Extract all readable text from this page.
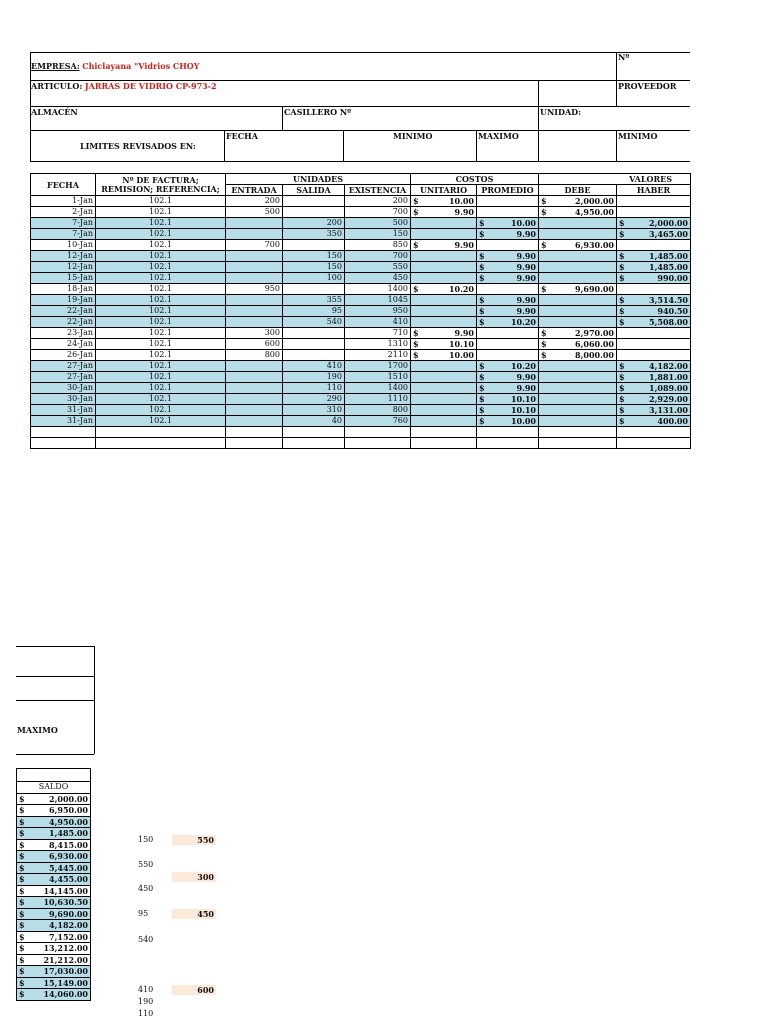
EMPRESA: Chiclayana "Vidrios CHOY
Nº
ARTICULO: JARRAS DE VIDRIO CP-973-2	PROVEEDOR
ALMACÉN	CASILLERO Nº	UNIDAD:
LIMITES REVISADOS EN:
FECHA	MINIMO	MAXIMO	MINIMO
FECHA	Nº DE FACTURA; REMISION; REFERENCIA;	UNIDADES			COSTOS		VALORES	
		ENTRADA	SALIDA	EXISTENCIA	UNITARIO	PROMEDIO	DEBE	HABER
1-Jan	102.1	200		200	$ 10.00		$ 2,000.00	

2-Jan	102.1	500		700	$ 9.90		$ 4,950.00	

7-Jan	102.1		200	500		$ 10.00		$ 2,000.00

7-Jan	102.1		350	150		$ 9.90		$ 3,465.00

10-Jan	102.1	700		850	$ 9.90		$ 6,930.00	

12-Jan	102.1		150	700		$ 9.90		$ 1,485.00

12-Jan	102.1		150	550		$ 9.90		$ 1,485.00

15-Jan	102.1		100	450		$ 9.90		$ 990.00

18-Jan	102.1	950		1400	$ 10.20		$ 9,690.00	

19-Jan	102.1		355	1045		$ 9.90		$ 3,514.50

22-Jan	102.1		95	950		$ 9.90		$ 940.50

22-Jan	102.1		540	410		$ 10.20		$ 5,508.00

23-Jan	102.1	300		710	$ 9.90		$ 2,970.00	

24-Jan	102.1	600		1310	$ 10.10		$ 6,060.00	

26-Jan	102.1	800		2110	$ 10.00		$ 8,000.00	

27-Jan	102.1		410	1700		$ 10.20		$ 4,182.00

27-Jan	102.1		190	1510		$ 9.90		$ 1,881.00

30-Jan	102.1		110	1400		$ 9.90		$ 1,089.00

30-Jan	102.1		290	1110		$ 10.10		$ 2,929.00

31-Jan	102.1		310	800		$ 10.10		$ 3,131.00

31-Jan	102.1		40	760		$ 10.00		$ 400.00

MAXIMO

SALDO

$	2,000.00

$	6,950.00

$	4,950.00

$	1,485.00

$	8,415.00

$	6,930.00

$	5,445.00

$	4,455.00

$ 14,145.00

$ 10,630.50

$	9,690.00

$	4,182.00

$	7,152.00

$ 13,212.00

$ 21,212.00

$ 17,030.00

$ 15,149.00

$ 14,060.00
150	550
550
300
450
95	450
540
410	600
190
110
